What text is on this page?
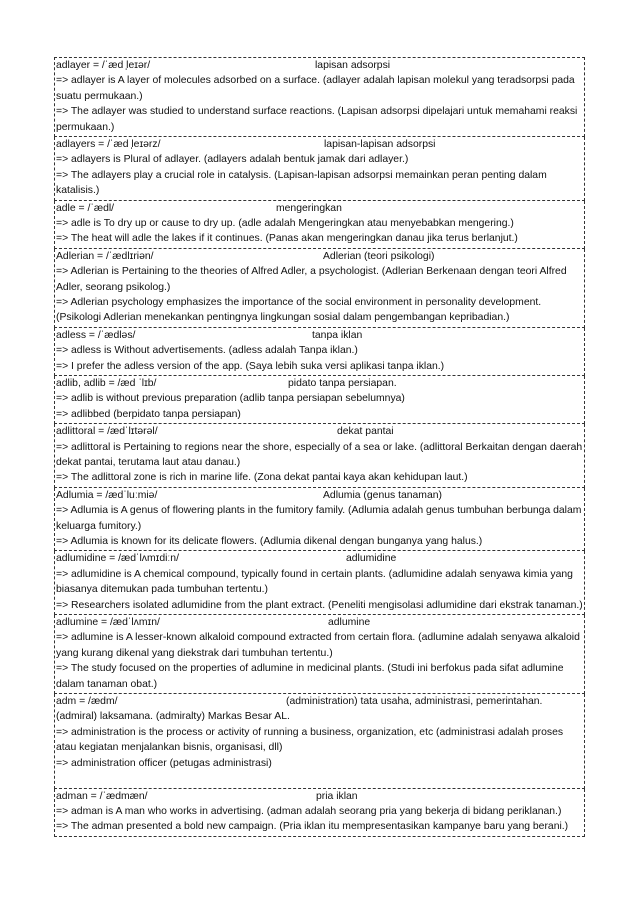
adlayer = /ˈæd ̩leɪər/	lapisan adsorpsi
=> adlayer is A layer of molecules adsorbed on a surface. (adlayer adalah lapisan molekul yang teradsorpsi pada suatu permukaan.)
=> The adlayer was studied to understand surface reactions. (Lapisan adsorpsi dipelajari untuk memahami reaksi permukaan.)
adlayers = /ˈæd ̩leɪərz/	lapisan-lapisan adsorpsi
=> adlayers is Plural of adlayer. (adlayers adalah bentuk jamak dari adlayer.)
=> The adlayers play a crucial role in catalysis. (Lapisan-lapisan adsorpsi memainkan peran penting dalam katalisis.)
adle = /ˈædl/	mengeringkan
=> adle is To dry up or cause to dry up. (adle adalah Mengeringkan atau menyebabkan mengering.)
=> The heat will adle the lakes if it continues. (Panas akan mengeringkan danau jika terus berlanjut.)
Adlerian = /ˈædlɪriən/	Adlerian (teori psikologi)
=> Adlerian is Pertaining to the theories of Alfred Adler, a psychologist. (Adlerian Berkenaan dengan teori Alfred Adler, seorang psikolog.)
=> Adlerian psychology emphasizes the importance of the social environment in personality development. (Psikologi Adlerian menekankan pentingnya lingkungan sosial dalam pengembangan kepribadian.)
adless = /ˈædləs/	tanpa iklan
=> adless is Without advertisements. (adless adalah Tanpa iklan.)
=> I prefer the adless version of the app. (Saya lebih suka versi aplikasi tanpa iklan.)
adlib, adlib = /æd ˈlɪb/	pidato tanpa persiapan.
=> adlib is without previous preparation (adlib tanpa persiapan sebelumnya)
=> adlibbed (berpidato tanpa persiapan)
adlittoral = /ædˈlɪtərəl/	dekat pantai
=> adlittoral is Pertaining to regions near the shore, especially of a sea or lake. (adlittoral Berkaitan dengan daerah dekat pantai, terutama laut atau danau.)
=> The adlittoral zone is rich in marine life. (Zona dekat pantai kaya akan kehidupan laut.)
Adlumia = /ædˈluːmiə/	Adlumia (genus tanaman)
=> Adlumia is A genus of flowering plants in the fumitory family. (Adlumia adalah genus tumbuhan berbunga dalam keluarga fumitory.)
=> Adlumia is known for its delicate flowers. (Adlumia dikenal dengan bunganya yang halus.)
adlumidine = /ædˈlʌmɪdiːn/	adlumidine
=> adlumidine is A chemical compound, typically found in certain plants. (adlumidine adalah senyawa kimia yang biasanya ditemukan pada tumbuhan tertentu.)
=> Researchers isolated adlumidine from the plant extract. (Peneliti mengisolasi adlumidine dari ekstrak tanaman.)
adlumine = /ædˈlʌmɪn/	adlumine
=> adlumine is A lesser-known alkaloid compound extracted from certain flora. (adlumine adalah senyawa alkaloid yang kurang dikenal yang diekstrak dari tumbuhan tertentu.)
=> The study focused on the properties of adlumine in medicinal plants. (Studi ini berfokus pada sifat adlumine dalam tanaman obat.)
adm = /ædm/	(administration) tata usaha, administrasi, pemerintahan.
(admiral) laksamana. (admiralty) Markas Besar AL.
=> administration is the process or activity of running a business, organization, etc (administrasi adalah proses atau kegiatan menjalankan bisnis, organisasi, dll)
=> administration officer (petugas administrasi)
adman = /ˈædmæn/	pria iklan
=> adman is A man who works in advertising. (adman adalah seorang pria yang bekerja di bidang periklanan.)
=> The adman presented a bold new campaign. (Pria iklan itu mempresentasikan kampanye baru yang berani.)
